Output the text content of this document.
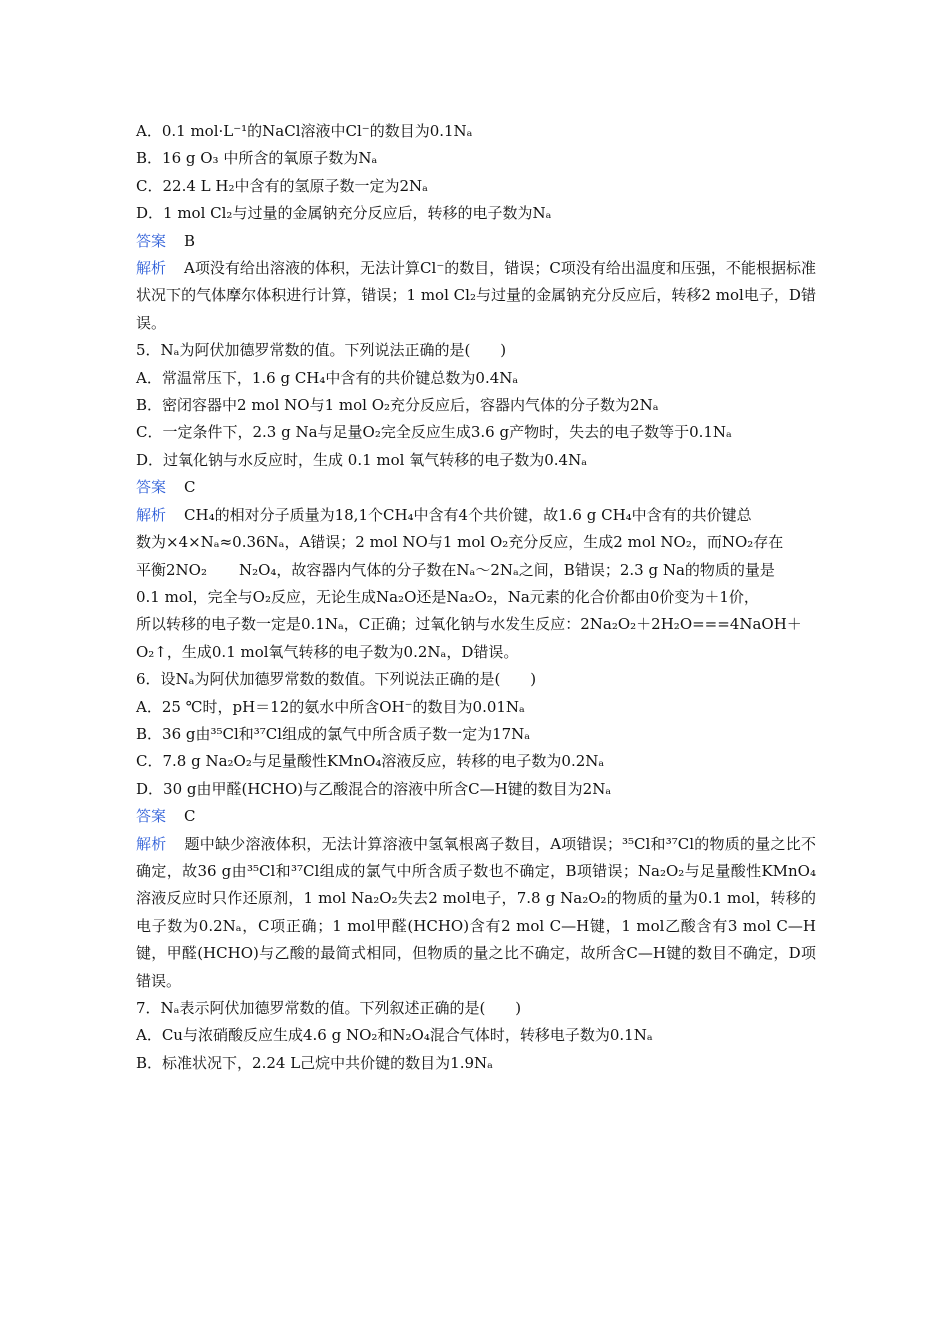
A．0.1 mol·L⁻¹的NaCl溶液中Cl⁻的数目为0.1Nₐ
B．16 g O₃ 中所含的氧原子数为Nₐ
C．22.4 L H₂中含有的氢原子数一定为2Nₐ
D．1 mol Cl₂与过量的金属钠充分反应后，转移的电子数为Nₐ
答案 B
解析 A项没有给出溶液的体积，无法计算Cl⁻的数目，错误；C项没有给出温度和压强，不能根据标准状况下的气体摩尔体积进行计算，错误；1 mol Cl₂与过量的金属钠充分反应后，转移2 mol电子，D错误。
5．Nₐ为阿伏加德罗常数的值。下列说法正确的是(　　)
A．常温常压下，1.6 g CH₄中含有的共价键总数为0.4Nₐ
B．密闭容器中2 mol NO与1 mol O₂充分反应后，容器内气体的分子数为2Nₐ
C．一定条件下，2.3 g Na与足量O₂完全反应生成3.6 g产物时，失去的电子数等于0.1Nₐ
D．过氧化钠与水反应时，生成 0.1 mol 氧气转移的电子数为0.4Nₐ
答案 C
解析 CH₄的相对分子质量为18,1个CH₄中含有4个共价键，故1.6 g CH₄中含有的共价键总
数为×4×Nₐ≈0.36Nₐ，A错误；2 mol NO与1 mol O₂充分反应，生成2 mol NO₂，而NO₂存在
平衡2NO₂ N₂O₄，故容器内气体的分子数在Nₐ～2Nₐ之间，B错误；2.3 g Na的物质的量是
0.1 mol，完全与O₂反应，无论生成Na₂O还是Na₂O₂，Na元素的化合价都由0价变为＋1价，
所以转移的电子数一定是0.1Nₐ，C正确；过氧化钠与水发生反应：2Na₂O₂＋2H₂O===4NaOH＋
O₂↑，生成0.1 mol氧气转移的电子数为0.2Nₐ，D错误。
6．设Nₐ为阿伏加德罗常数的数值。下列说法正确的是(　　)
A．25 ℃时，pH＝12的氨水中所含OH⁻的数目为0.01Nₐ
B．36 g由³⁵Cl和³⁷Cl组成的氯气中所含质子数一定为17Nₐ
C．7.8 g Na₂O₂与足量酸性KMnO₄溶液反应，转移的电子数为0.2Nₐ
D．30 g由甲醛(HCHO)与乙酸混合的溶液中所含C—H键的数目为2Nₐ
答案 C
解析 题中缺少溶液体积，无法计算溶液中氢氧根离子数目，A项错误；³⁵Cl和³⁷Cl的物质的量之比不确定，故36 g由³⁵Cl和³⁷Cl组成的氯气中所含质子数也不确定，B项错误；Na₂O₂与足量酸性KMnO₄溶液反应时只作还原剂，1 mol Na₂O₂失去2 mol电子，7.8 g Na₂O₂的物质的量为0.1 mol，转移的电子数为0.2Nₐ，C项正确；1 mol甲醛(HCHO)含有2 mol C—H键，1 mol乙酸含有3 mol C—H键，甲醛(HCHO)与乙酸的最简式相同，但物质的量之比不确定，故所含C—H键的数目不确定，D项错误。
7．Nₐ表示阿伏加德罗常数的值。下列叙述正确的是(　　)
A．Cu与浓硝酸反应生成4.6 g NO₂和N₂O₄混合气体时，转移电子数为0.1Nₐ
B．标准状况下，2.24 L己烷中共价键的数目为1.9Nₐ
